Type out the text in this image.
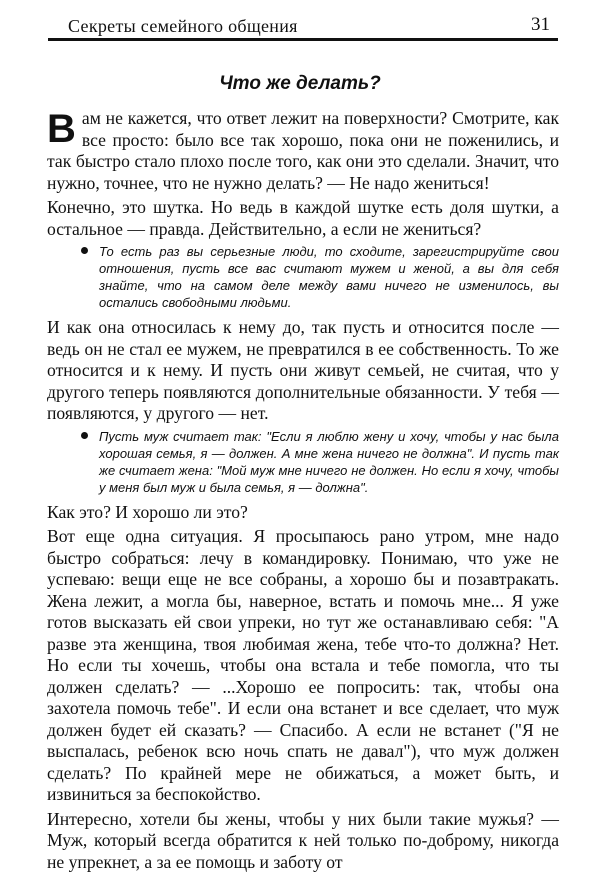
Секреты семейного общения	31
Что же делать?

Вам не кажется, что ответ лежит на поверхности? Смотрите, как все просто: было все так хорошо, пока они не поженились, и так быстро стало плохо после того, как они это сделали. Значит, что нужно, точнее, что не нужно делать? — Не надо жениться!

Конечно, это шутка. Но ведь в каждой шутке есть доля шутки, а остальное — правда. Действительно, а если не жениться?

То есть раз вы серьезные люди, то сходите, зарегистрируйте свои отношения, пусть все вас считают мужем и женой, а вы для себя знайте, что на самом деле между вами ничего не изменилось, вы остались свободными людьми.

И как она относилась к нему до, так пусть и относится после — ведь он не стал ее мужем, не превратился в ее собственность. То же относится и к нему. И пусть они живут семьей, не считая, что у другого теперь появляются дополнительные обязанности. У тебя — появляются, у другого — нет.

Пусть муж считает так: "Если я люблю жену и хочу, чтобы у нас была хорошая семья, я — должен. А мне жена ничего не должна". И пусть так же считает жена: "Мой муж мне ничего не должен. Но если я хочу, чтобы у меня был муж и была семья, я — должна".

Как это? И хорошо ли это?

Вот еще одна ситуация. Я просыпаюсь рано утром, мне надо быстро собраться: лечу в командировку. Понимаю, что уже не успеваю: вещи еще не все собраны, а хорошо бы и позавтракать. Жена лежит, а могла бы, наверное, встать и помочь мне... Я уже готов высказать ей свои упреки, но тут же останавливаю себя: "А разве эта женщина, твоя любимая жена, тебе что-то должна? Нет. Но если ты хочешь, чтобы она встала и тебе помогла, что ты должен сделать? — ...Хорошо ее попросить: так, чтобы она захотела помочь тебе". И если она встанет и все сделает, что муж должен будет ей сказать? — Спасибо. А если не встанет ("Я не выспалась, ребенок всю ночь спать не давал"), что муж должен сделать? По крайней мере не обижаться, а может быть, и извиниться за беспокойство.

Интересно, хотели бы жены, чтобы у них были такие мужья? — Муж, который всегда обратится к ней только по-доброму, никогда не упрекнет, а за ее помощь и заботу от
